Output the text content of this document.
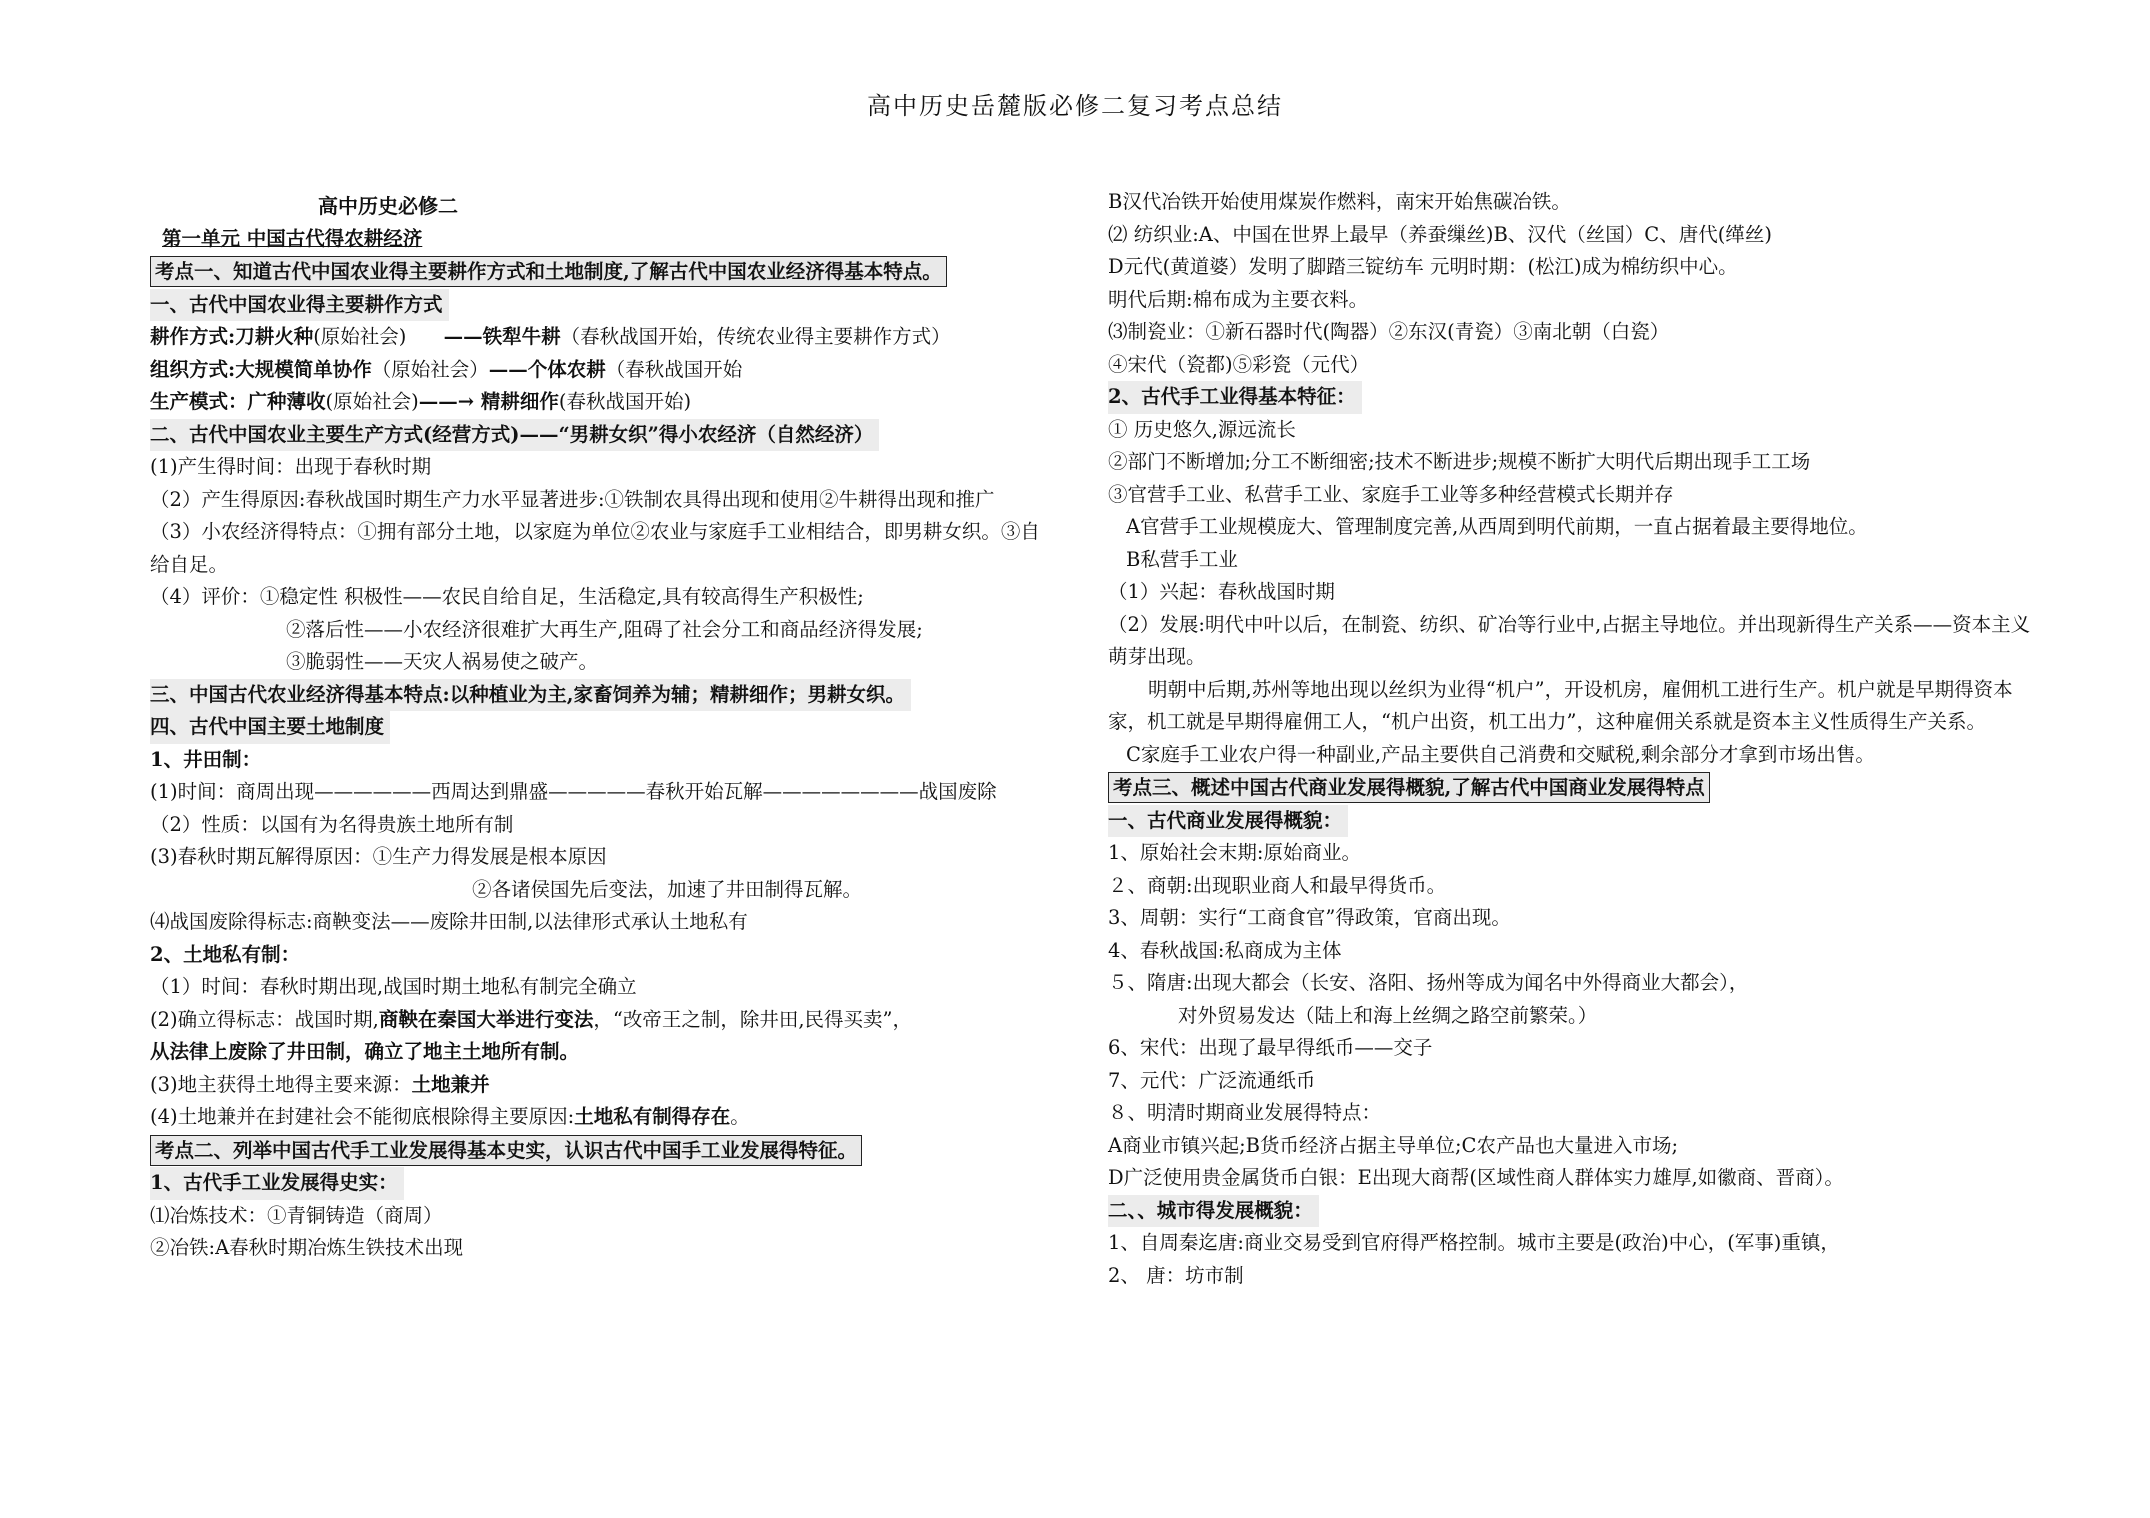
高中历史岳麓版必修二复习考点总结

高中历史必修二

第一单元 中国古代得农耕经济

考点一、知道古代中国农业得主要耕作方式和土地制度,了解古代中国农业经济得基本特点。

一、古代中国农业得主要耕作方式

耕作方式:刀耕火种(原始社会) ——铁犁牛耕（春秋战国开始，传统农业得主要耕作方式）

组织方式:大规模简单协作（原始社会）——个体农耕（春秋战国开始

生产模式：广种薄收(原始社会)——→ 精耕细作(春秋战国开始)

二、古代中国农业主要生产方式(经营方式)——“男耕女织”得小农经济（自然经济）

(1)产生得时间：出现于春秋时期

（2）产生得原因:春秋战国时期生产力水平显著进步:①铁制农具得出现和使用②牛耕得出现和推广

（3）小农经济得特点：①拥有部分土地，以家庭为单位②农业与家庭手工业相结合，即男耕女织。③自给自足。

（4）评价：①稳定性 积极性——农民自给自足，生活稳定,具有较高得生产积极性;

②落后性——小农经济很难扩大再生产,阻碍了社会分工和商品经济得发展;

③脆弱性——天灾人祸易使之破产。

三、中国古代农业经济得基本特点:以种植业为主,家畜饲养为辅；精耕细作；男耕女织。

四、古代中国主要土地制度

1、井田制：

(1)时间：商周出现——————西周达到鼎盛—————春秋开始瓦解————————战国废除

（2）性质：以国有为名得贵族土地所有制

(3)春秋时期瓦解得原因：①生产力得发展是根本原因

②各诸侯国先后变法，加速了井田制得瓦解。

⑷战国废除得标志:商鞅变法——废除井田制,以法律形式承认土地私有

2、土地私有制：

（1）时间：春秋时期出现,战国时期土地私有制完全确立

(2)确立得标志：战国时期,商鞅在秦国大举进行变法，“改帝王之制，除井田,民得买卖”，

从法律上废除了井田制，确立了地主土地所有制。

(3)地主获得土地得主要来源：土地兼并

(4)土地兼并在封建社会不能彻底根除得主要原因:土地私有制得存在。

考点二、列举中国古代手工业发展得基本史实，认识古代中国手工业发展得特征。

1、古代手工业发展得史实：

⑴冶炼技术：①青铜铸造（商周）

②冶铁:A春秋时期冶炼生铁技术出现

B汉代冶铁开始使用煤炭作燃料，南宋开始焦碳冶铁。

⑵ 纺织业:A、中国在世界上最早（养蚕缫丝)B、汉代（丝国）C、唐代(缂丝)

D元代(黄道婆）发明了脚踏三锭纺车 元明时期：(松江)成为棉纺织中心。

明代后期:棉布成为主要衣料。

⑶制瓷业：①新石器时代(陶器）②东汉(青瓷）③南北朝（白瓷）

④宋代（瓷都)⑤彩瓷（元代）

2、古代手工业得基本特征：

① 历史悠久,源远流长

②部门不断增加;分工不断细密;技术不断进步;规模不断扩大明代后期出现手工工场

③官营手工业、私营手工业、家庭手工业等多种经营模式长期并存

A官营手工业规模庞大、管理制度完善,从西周到明代前期，一直占据着最主要得地位。

B私营手工业

（1）兴起：春秋战国时期

（2）发展:明代中叶以后，在制瓷、纺织、矿冶等行业中,占据主导地位。并出现新得生产关系——资本主义萌芽出现。

明朝中后期,苏州等地出现以丝织为业得“机户”，开设机房，雇佣机工进行生产。机户就是早期得资本家，机工就是早期得雇佣工人，“机户出资，机工出力”，这种雇佣关系就是资本主义性质得生产关系。

C家庭手工业农户得一种副业,产品主要供自己消费和交赋税,剩余部分才拿到市场出售。

考点三、概述中国古代商业发展得概貌,了解古代中国商业发展得特点

一、古代商业发展得概貌：

1、原始社会末期:原始商业。

２、商朝:出现职业商人和最早得货币。

3、周朝：实行“工商食官”得政策，官商出现。

4、春秋战国:私商成为主体

５、隋唐:出现大都会（长安、洛阳、扬州等成为闻名中外得商业大都会），

对外贸易发达（陆上和海上丝绸之路空前繁荣。）

6、宋代：出现了最早得纸币——交子

7、元代：广泛流通纸币

８、明清时期商业发展得特点：

A商业市镇兴起;B货币经济占据主导单位;C农产品也大量进入市场;

D广泛使用贵金属货币白银：E出现大商帮(区域性商人群体实力雄厚,如徽商、晋商）。

二、、城市得发展概貌：

1、自周秦迄唐:商业交易受到官府得严格控制。城市主要是(政治)中心，(军事)重镇，

2、 唐：坊市制
